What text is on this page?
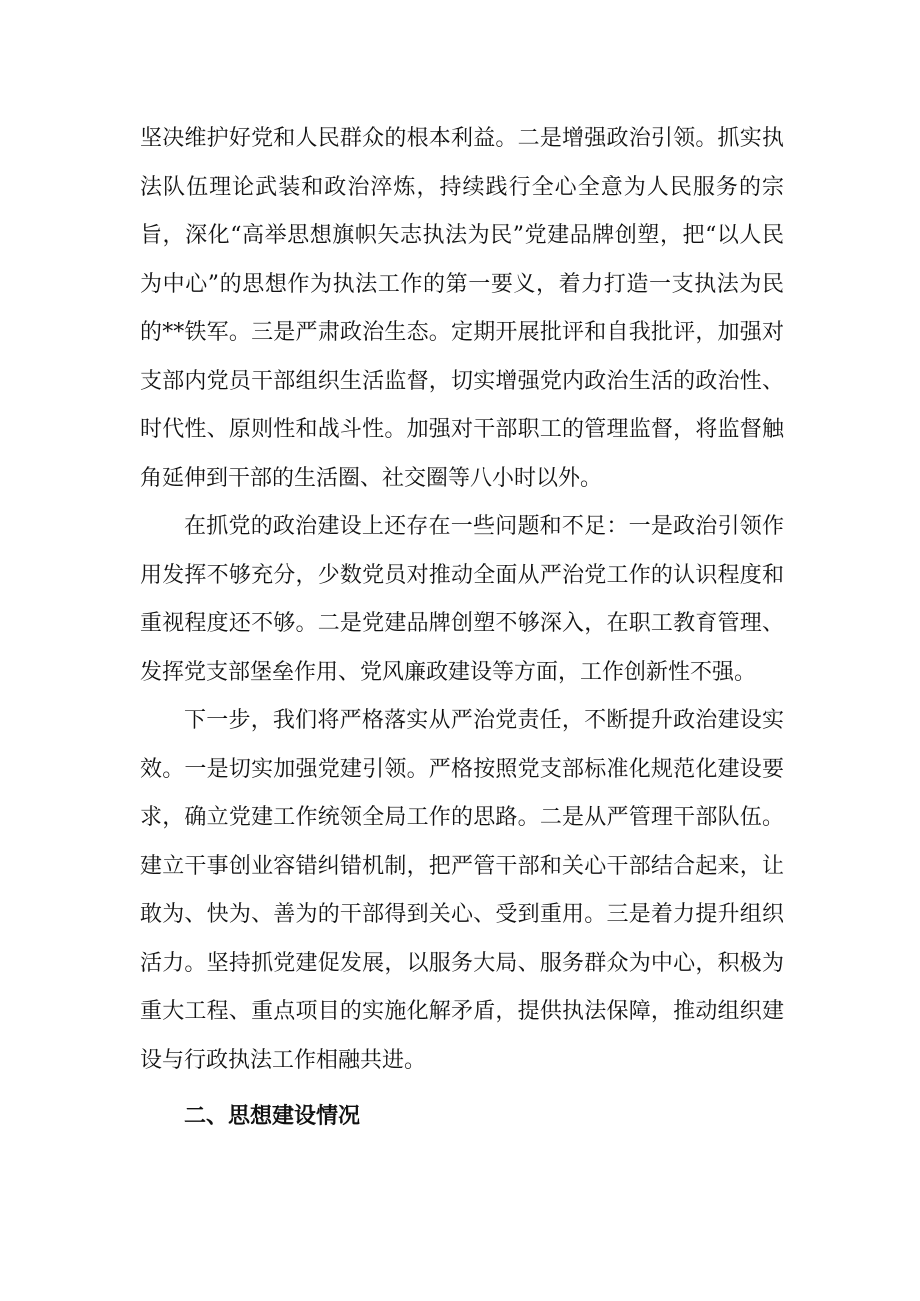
坚决维护好党和人民群众的根本利益。二是增强政治引领。抓实执法队伍理论武装和政治淬炼，持续践行全心全意为人民服务的宗旨，深化“高举思想旗帜矢志执法为民”党建品牌创塑，把“以人民为中心”的思想作为执法工作的第一要义，着力打造一支执法为民的**铁军。三是严肃政治生态。定期开展批评和自我批评，加强对支部内党员干部组织生活监督，切实增强党内政治生活的政治性、时代性、原则性和战斗性。加强对干部职工的管理监督，将监督触角延伸到干部的生活圈、社交圈等八小时以外。

在抓党的政治建设上还存在一些问题和不足：一是政治引领作用发挥不够充分，少数党员对推动全面从严治党工作的认识程度和重视程度还不够。二是党建品牌创塑不够深入，在职工教育管理、发挥党支部堡垒作用、党风廉政建设等方面，工作创新性不强。

下一步，我们将严格落实从严治党责任，不断提升政治建设实效。一是切实加强党建引领。严格按照党支部标准化规范化建设要求，确立党建工作统领全局工作的思路。二是从严管理干部队伍。建立干事创业容错纠错机制，把严管干部和关心干部结合起来，让敢为、快为、善为的干部得到关心、受到重用。三是着力提升组织活力。坚持抓党建促发展，以服务大局、服务群众为中心，积极为重大工程、重点项目的实施化解矛盾，提供执法保障，推动组织建设与行政执法工作相融共进。

二、思想建设情况
